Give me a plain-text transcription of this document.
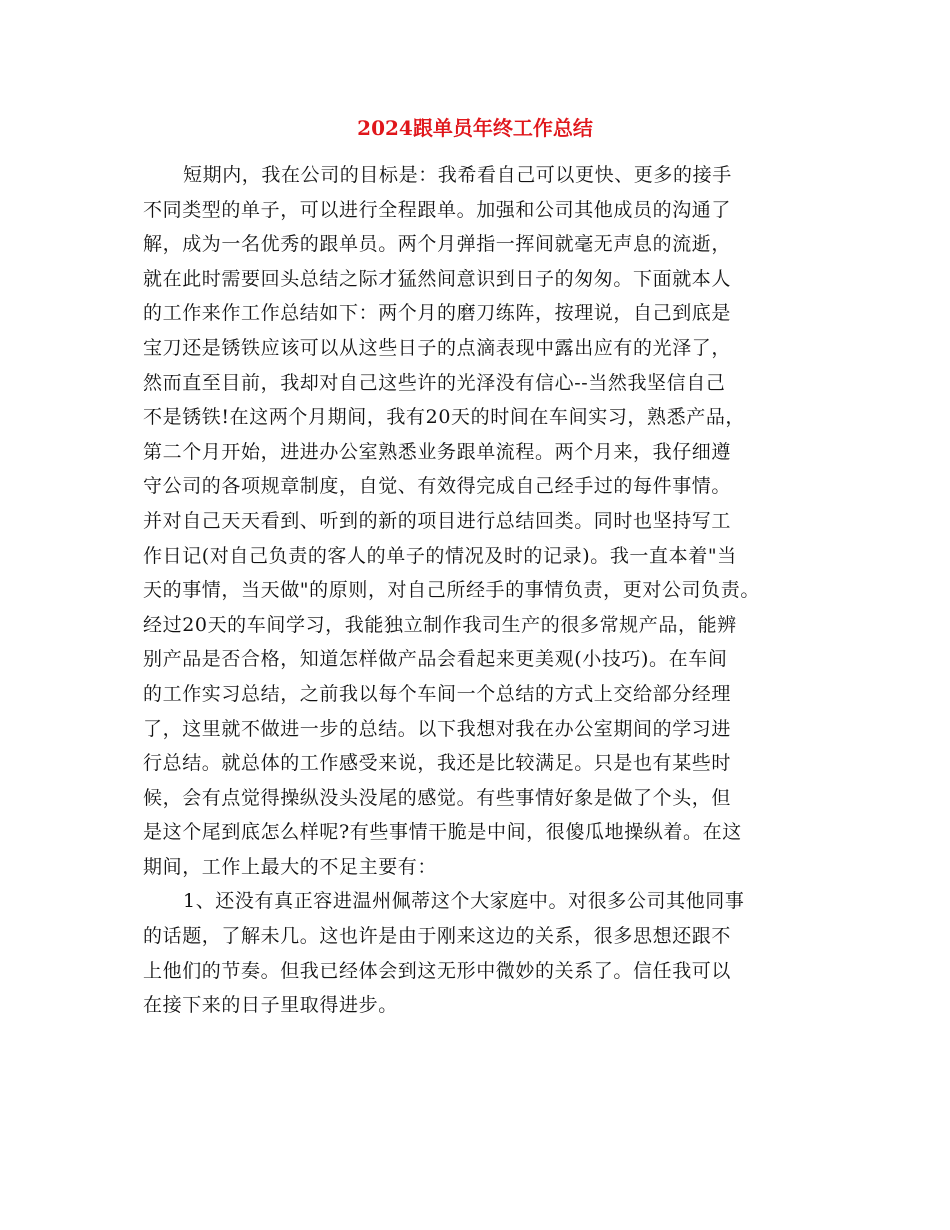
2024跟单员年终工作总结
短期内，我在公司的目标是：我希看自己可以更快、更多的接手
不同类型的单子，可以进行全程跟单。加强和公司其他成员的沟通了
解，成为一名优秀的跟单员。两个月弹指一挥间就毫无声息的流逝，
就在此时需要回头总结之际才猛然间意识到日子的匆匆。下面就本人
的工作来作工作总结如下：两个月的磨刀练阵，按理说，自己到底是
宝刀还是锈铁应该可以从这些日子的点滴表现中露出应有的光泽了，
然而直至目前，我却对自己这些许的光泽没有信心--当然我坚信自己
不是锈铁!在这两个月期间，我有20天的时间在车间实习，熟悉产品，
第二个月开始，进进办公室熟悉业务跟单流程。两个月来，我仔细遵
守公司的各项规章制度，自觉、有效得完成自己经手过的每件事情。
并对自己天天看到、听到的新的项目进行总结回类。同时也坚持写工
作日记(对自己负责的客人的单子的情况及时的记录)。我一直本着"当
天的事情，当天做"的原则，对自己所经手的事情负责，更对公司负责。
经过20天的车间学习，我能独立制作我司生产的很多常规产品，能辨
别产品是否合格，知道怎样做产品会看起来更美观(小技巧)。在车间
的工作实习总结，之前我以每个车间一个总结的方式上交给部分经理
了，这里就不做进一步的总结。以下我想对我在办公室期间的学习进
行总结。就总体的工作感受来说，我还是比较满足。只是也有某些时
候，会有点觉得操纵没头没尾的感觉。有些事情好象是做了个头，但
是这个尾到底怎么样呢?有些事情干脆是中间，很傻瓜地操纵着。在这
期间，工作上最大的不足主要有：
1、还没有真正容进温州佩蒂这个大家庭中。对很多公司其他同事
的话题，了解未几。这也许是由于刚来这边的关系，很多思想还跟不
上他们的节奏。但我已经体会到这无形中微妙的关系了。信任我可以
在接下来的日子里取得进步。
